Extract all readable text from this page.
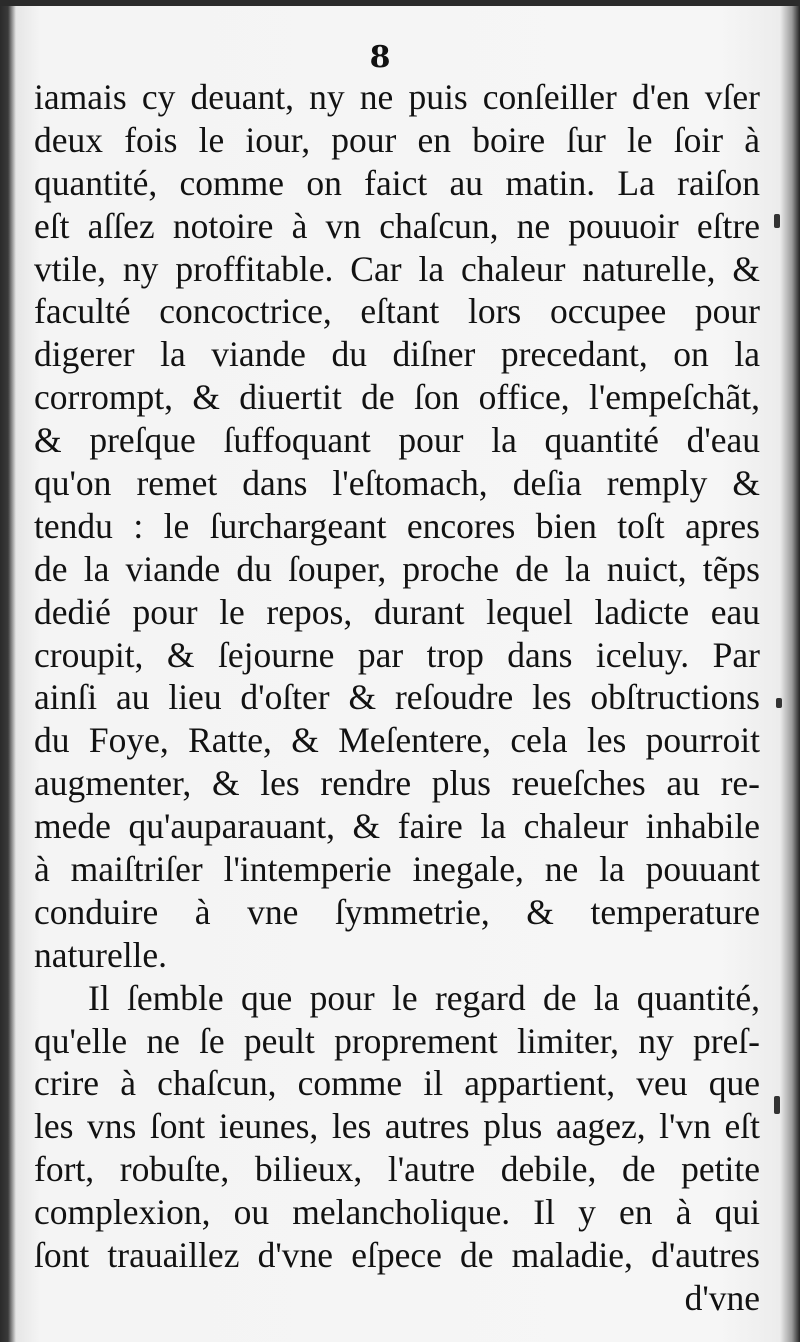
8
iamais cy deuant, ny ne puis conſeiller d'en vſer
deux fois le iour, pour en boire ſur le ſoir à
quantité, comme on faict au matin. La raiſon
eſt aſſez notoire à vn chaſcun, ne pouuoir eſtre
vtile, ny proffitable. Car la chaleur naturelle, &
faculté concoctrice, eſtant lors occupee pour
digerer la viande du diſner precedant, on la
corrompt, & diuertit de ſon office, l'empeſchãt,
& preſque ſuffoquant pour la quantité d'eau
qu'on remet dans l'eſtomach, deſia remply &
tendu : le ſurchargeant encores bien toſt apres
de la viande du ſouper, proche de la nuict, tẽps
dedié pour le repos, durant lequel ladicte eau
croupit, & ſejourne par trop dans iceluy. Par
ainſi au lieu d'oſter & reſoudre les obſtructions
du Foye, Ratte, & Meſentere, cela les pourroit
augmenter, & les rendre plus reueſches au re-
mede qu'auparauant, & faire la chaleur inhabile
à maiſtriſer l'intemperie inegale, ne la pouuant
conduire à vne ſymmetrie, & temperature
naturelle.
Il ſemble que pour le regard de la quantité,
qu'elle ne ſe peult proprement limiter, ny preſ-
crire à chaſcun, comme il appartient, veu que
les vns ſont ieunes, les autres plus aagez, l'vn eſt
fort, robuſte, bilieux, l'autre debile, de petite
complexion, ou melancholique. Il y en à qui
ſont trauaillez d'vne eſpece de maladie, d'autres
d'vne
